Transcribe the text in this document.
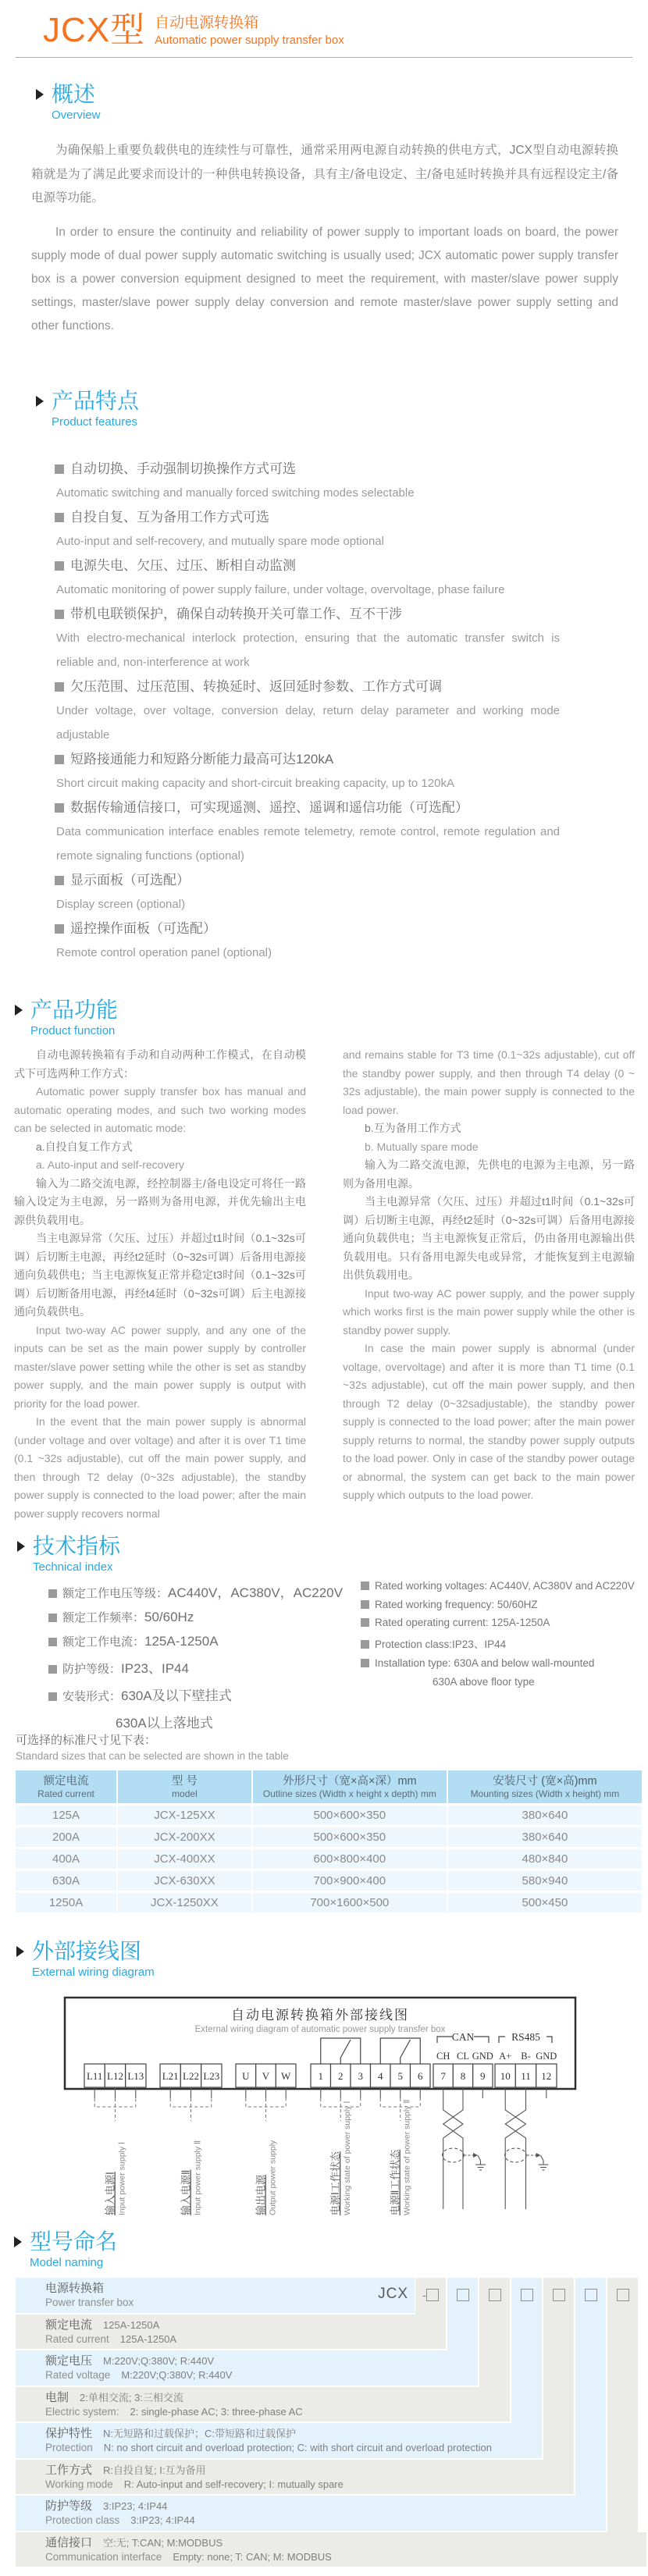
JCX型 自动电源转换箱
Automatic power supply transfer box
概述
Overview
为确保船上重要负载供电的连续性与可靠性，通常采用两电源自动转换的供电方式，JCX型自动电源转换箱就是为了满足此要求而设计的一种供电转换设备，具有主/备电设定、主/备电延时转换并具有远程设定主/备电源等功能。
In order to ensure the continuity and reliability of power supply to important loads on board, the power supply mode of dual power supply automatic switching is usually used; JCX automatic power supply transfer box is a power conversion equipment designed to meet the requirement, with master/slave power supply settings, master/slave power supply delay conversion and remote master/slave power supply setting and other functions.
产品特点
Product features
自动切换、手动强制切换操作方式可选
Automatic switching and manually forced switching modes selectable
自投自复、互为备用工作方式可选
Auto-input and self-recovery, and mutually spare mode optional
电源失电、欠压、过压、断相自动监测
Automatic monitoring of power supply failure, under voltage, overvoltage, phase failure
带机电联锁保护，确保自动转换开关可靠工作、互不干涉
With electro-mechanical interlock protection, ensuring that the automatic transfer switch is reliable and, non-interference at work
欠压范围、过压范围、转换延时、返回延时参数、工作方式可调
Under voltage, over voltage, conversion delay, return delay parameter and working mode adjustable
短路接通能力和短路分断能力最高可达120kA
Short circuit making capacity and short-circuit breaking capacity, up to 120kA
数据传输通信接口，可实现遥测、遥控、遥调和遥信功能（可选配）
Data communication interface enables remote telemetry, remote control, remote regulation and remote signaling functions (optional)
显示面板（可选配）
Display screen (optional)
遥控操作面板（可选配）
Remote control operation panel (optional)
产品功能
Product function

自动电源转换箱有手动和自动两种工作模式，在自动模式下可选两种工作方式：

Automatic power supply transfer box has manual and automatic operating modes, and such two working modes can be selected in automatic mode:

a.自投自复工作方式

a. Auto-input and self-recovery

输入为二路交流电源，经控制器主/备电设定可将任一路输入设定为主电源，另一路则为备用电源，并优先输出主电源供负载用电。

当主电源异常（欠压、过压）并超过t1时间（0.1~32s可调）后切断主电源，再经t2延时（0~32s可调）后备用电源接通向负载供电；当主电源恢复正常并稳定t3时间（0.1~32s可调）后切断备用电源，再经t4延时（0~32s可调）后主电源接通向负载供电。

Input two-way AC power supply, and any one of the inputs can be set as the main power supply by controller master/slave power setting while the other is set as standby power supply, and the main power supply is output with priority for the load power.

In the event that the main power supply is abnormal (under voltage and over voltage) and after it is over T1 time (0.1 ~32s adjustable), cut off the main power supply, and then through T2 delay (0~32s adjustable), the standby power supply is connected to the load power; after the main power supply recovers normal

and remains stable for T3 time (0.1~32s adjustable), cut off the standby power supply, and then through T4 delay (0 ~ 32s adjustable), the main power supply is connected to the load power.

b.互为备用工作方式

b. Mutually spare mode

输入为二路交流电源，先供电的电源为主电源，另一路则为备用电源。

当主电源异常（欠压、过压）并超过t1时间（0.1~32s可调）后切断主电源，再经t2延时（0~32s可调）后备用电源接通向负载供电；当主电源恢复正常后，仍由备用电源输出供负载用电。只有备用电源失电或异常，才能恢复到主电源输出供负载用电。

Input two-way AC power supply, and the power supply which works first is the main power supply while the other is standby power supply.

In case the main power supply is abnormal (under voltage, overvoltage) and after it is more than T1 time (0.1 ~32s adjustable), cut off the main power supply, and then through T2 delay (0~32sadjustable), the standby power supply is connected to the load power; after the main power supply returns to normal, the standby power supply outputs to the load power. Only in case of the standby power outage or abnormal, the system can get back to the main power supply which outputs to the load power.

技术指标
Technical index
额定工作电压等级：AC440V，AC380V，AC220V
额定工作频率：50/60Hz
额定工作电流：125A-1250A
防护等级：IP23、IP44
安装形式：630A及以下壁挂式
630A以上落地式
Rated working voltages: AC440V, AC380V and AC220V
Rated working frequency: 50/60HZ
Rated operating current: 125A-1250A
Protection class:IP23、IP44
Installation type: 630A and below wall-mounted
630A above floor type
可选择的标准尺寸见下表：
Standard sizes that can be selected are shown in the table
额定电流
Rated current
型 号
model
外形尺寸（宽×高×深）mm
Outline sizes (Width x height x depth) mm
安装尺寸 (宽×高)mm
Mounting sizes (Width x height) mm
125A	JCX-125XX	500×600×350	380×640
200A	JCX-200XX	500×600×350	380×640
400A	JCX-400XX	600×800×400	480×840
630A	JCX-630XX	700×900×400	580×940
1250A	JCX-1250XX	700×1600×500	500×450
外部接线图
External wiring diagram
自动电源转换箱外部接线图
External wiring diagram of automatic power supply transfer box
L11 L12 L13 L21 L22 L23 U V W	1 2 3 4 5 6 7 8 9 10 11 12
CH CL GND A+ B- GND
CAN	RS485
输入电源Ⅰ Input power supply Ⅰ	输入电源Ⅱ Input power supply Ⅱ	输出电源 Output power supply	电源Ⅰ工作状态 Working state of power supply Ⅰ	电源Ⅱ工作状态 Working state of power supply Ⅱ
型号命名
Model naming
-
电源转换箱
Power transfer box
JCX
额定电流 125A-1250A
Rated current 125A-1250A
额定电压 M:220V;Q:380V; R:440V
Rated voltage M:220V;Q:380V; R:440V
电制 2:单相交流; 3:三相交流
Electric system: 2: single-phase AC; 3: three-phase AC
保护特性 N:无短路和过载保护；C:带短路和过载保护
Protection N: no short circuit and overload protection; C: with short circuit and overload protection
工作方式 R:自投自复; I:互为备用
Working mode R: Auto-input and self-recovery; I: mutually spare
防护等级 3:IP23; 4:IP44
Protection class 3:IP23; 4:IP44
通信接口 空:无; T:CAN; M:MODBUS
Communication interface Empty: none; T: CAN; M: MODBUS
